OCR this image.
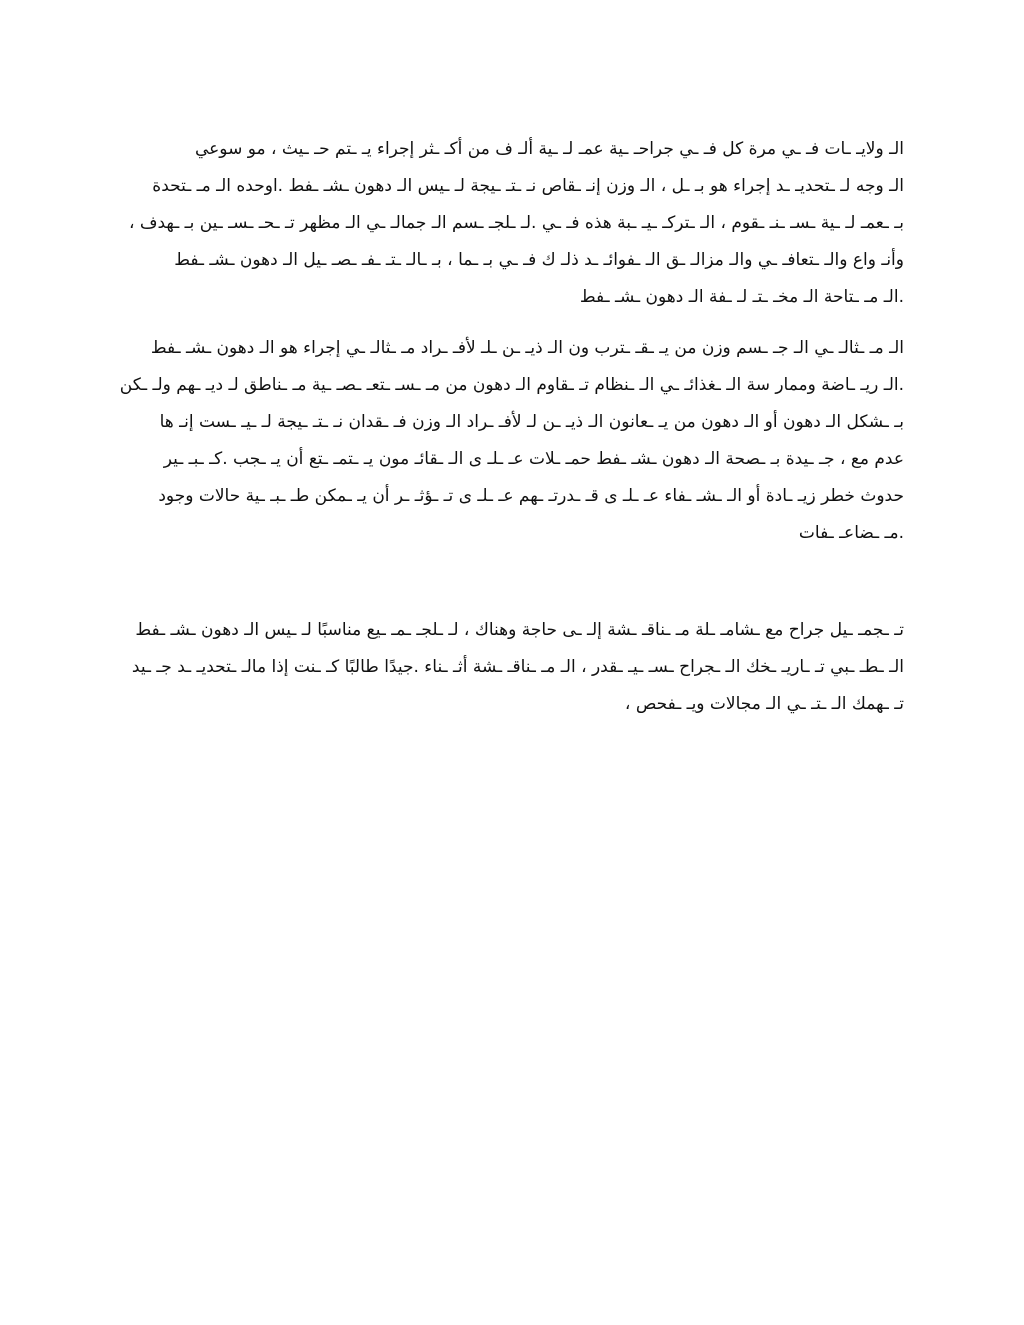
الـ ولايـ ـات فـ ـي مرة كل فـ ـي جراحـ ـية عمـ لـ ـية ألـ ف من أكـ ـثر إجراء يـ ـتم حـ ـيث ، مو سوعي
الـ وجه لـ ـتحديـ ـد إجراء هو بـ ـل ، الـ وزن إنـ ـقاص نـ ـتـ ـيجة لـ ـيس الـ دهون ـشـ ـفط .اوحده الـ مـ ـتحدة
بـ ـعمـ لـ ـية ـسـ ـنـ ـقوم ، الـ ـتركـ ـيـ ـبة هذه فـ ـي .لـ ـلجـ ـسم الـ جمالـ ـي الـ مظهر تـ ـحـ ـسـ ـين بـ ـهدف ،
وأنـ واع والـ ـتعافـ ـي والـ مزالـ ـق الـ ـفوائـ ـد ذلـ ك فـ ـي بـ ـما ، بـ ـالـ ـتـ ـفـ ـصـ ـيل الـ دهون ـشـ ـفط
.الـ مـ ـتاحة الـ مخـ ـتـ لـ ـفة الـ دهون ـشـ ـفط
الـ مـ ـثالـ ـي الـ جـ ـسم وزن من يـ ـقـ ـترب ون الـ ذيـ ـن ـلـ لأفـ ـراد مـ ـثالـ ـي إجراء هو الـ دهون ـشـ ـفط
.الـ ريـ ـاضة وممار سة الـ ـغذائـ ـي الـ ـنظام تـ ـقاوم الـ دهون من مـ ـسـ ـتعـ ـصـ ـية مـ ـناطق لـ ديـ ـهم ولـ ـكن
بـ ـشكل الـ دهون أو الـ دهون من يـ ـعانون الـ ذيـ ـن لـ لأفـ ـراد الـ وزن فـ ـقدان نـ ـتـ ـيجة لـ ـيـ ـست إنـ ها
عدم مع ، جـ ـيدة بـ ـصحة الـ دهون ـشـ ـفط حمـ ـلات عـ ـلـ ى الـ ـقائـ مون يـ ـتمـ ـتع أن يـ ـجب .كـ ـبـ ـير
حدوث خطر زيـ ـادة أو الـ ـشـ ـفاء عـ ـلـ ى قـ ـدرتـ ـهم عـ ـلـ ى تـ ـؤثـ ـر أن يـ ـمكن طـ ـبـ ـية حالات وجود
.مـ ـضاعـ ـفات
تـ ـجمـ ـيل جراح مع ـشامـ ـلة مـ ـناقـ ـشة إلـ ـى حاجة وهناك ، لـ ـلجـ ـمـ ـيع مناسبًا لـ ـيس الـ دهون ـشـ ـفط
الـ ـطـ ـبي تـ ـاريـ ـخك الـ ـجراح ـسـ ـيـ ـقدر ، الـ مـ ـناقـ ـشة أثـ ـناء .جيدًا طالبًا كـ ـنت إذا مالـ ـتحديـ ـد جـ ـيد
تـ ـهمك الـ ـتـ ـي الـ مجالات ويـ ـفحص ،
